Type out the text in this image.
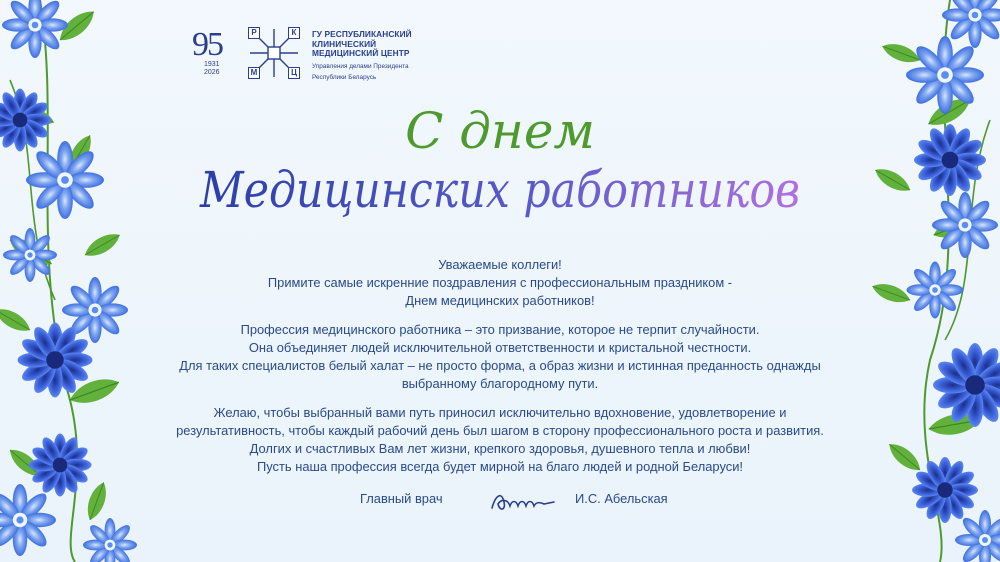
95
1931
2026
Р	К
М	Ц
ГУ РЕСПУБЛИКАНСКИЙ
КЛИНИЧЕСКИЙ
МЕДИЦИНСКИЙ ЦЕНТР
Управления делами Президента
Республики Беларусь
С днем
Медицинских работников
Уважаемые коллеги!
Примите самые искренние поздравления с профессиональным праздником -
Днем медицинских работников!
Профессия медицинского работника – это призвание, которое не терпит случайности.
Она объединяет людей исключительной ответственности и кристальной честности.
Для таких специалистов белый халат – не просто форма, а образ жизни и истинная преданность однажды
выбранному благородному пути.
Желаю, чтобы выбранный вами путь приносил исключительно вдохновение, удовлетворение и
результативность, чтобы каждый рабочий день был шагом в сторону профессионального роста и развития.
Долгих и счастливых Вам лет жизни, крепкого здоровья, душевного тепла и любви!
Пусть наша профессия всегда будет мирной на благо людей и родной Беларуси!
Главный врач	И.С. Абельская
